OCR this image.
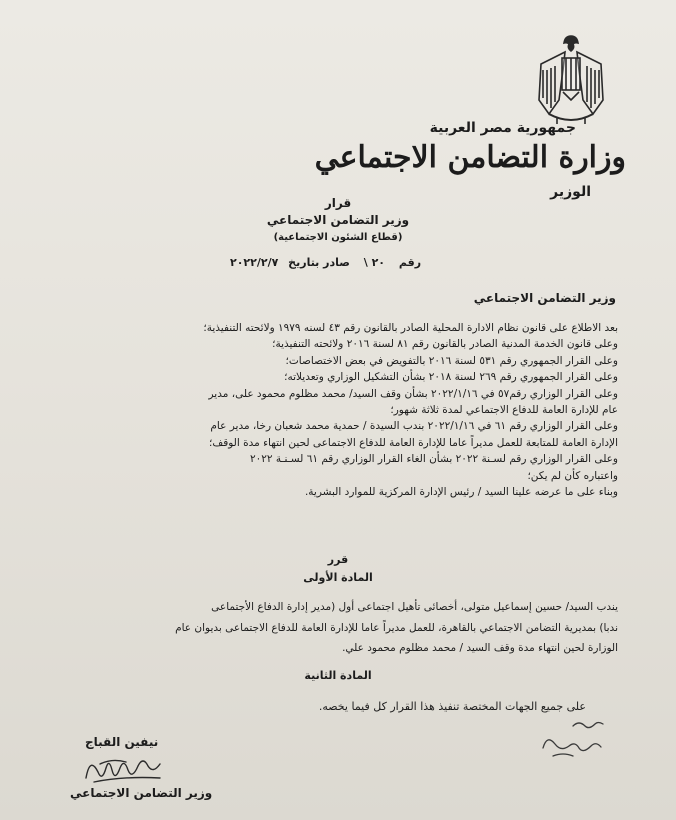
جمهورية مصر العربية
وزارة التضامن الاجتماعي
الوزير
قرار
وزير التضامن الاجتماعي
(قطاع الشئون الاجتماعية)
رقم ٢٠ \ صادر بتاريخ ٢٠٢٢/٢/٧
وزير التضامن الاجتماعي
بعد الاطلاع على قانون نظام الادارة المحلية الصادر بالقانون رقم ٤٣ لسنه ١٩٧٩ ولائحته التنفيذية؛
وعلى قانون الخدمة المدنية الصادر بالقانون رقم ٨١ لسنة ٢٠١٦ ولائحته التنفيذية؛
وعلى القرار الجمهوري رقم ٥٣١ لسنة ٢٠١٦ بالتفويض في بعض الاختصاصات؛
وعلى القرار الجمهوري رقم ٢٦٩ لسنة ٢٠١٨ بشأن التشكيل الوزاري وتعديلاته؛
وعلى القرار الوزاري رقم٥٧ في ٢٠٢٢/١/١٦ بشأن وقف السيد/ محمد مظلوم محمود على، مدير
عام للإدارة العامة للدفاع الاجتماعي لمدة ثلاثة شهور؛
وعلى القرار الوزاري رقم ٦١ في ٢٠٢٢/١/١٦ بندب السيدة / حمدية محمد شعبان رخا، مدير عام
الإدارة العامة للمتابعة للعمل مديراً عاما للإدارة العامة للدفاع الاجتماعى لحين انتهاء مدة الوقف؛
وعلى القرار الوزاري رقم لسـنة ٢٠٢٢ بشأن الغاء القرار الوزاري رقم ٦١ لسـنـة ٢٠٢٢
واعتباره كأن لم يكن؛
وبناء على ما عرضه علينا السيد / رئيس الإدارة المركزية للموارد البشرية.
قرر
المادة الأولى
يندب السيد/ حسين إسماعيل متولى، أخصائى تأهيل اجتماعى أول (مدير إدارة الدفاع الأجتماعى
ندبا) بمديرية التضامن الاجتماعي بالقاهرة، للعمل مديراً عاما للإدارة العامة للدفاع الاجتماعى بديوان عام
الوزارة لحين انتهاء مدة وقف السيد / محمد مظلوم محمود علي.
المادة الثانية
على جميع الجهات المختصة تنفيذ هذا القرار كل فيما يخصه.
نيفين القباج
وزير التضامن الاجتماعي
